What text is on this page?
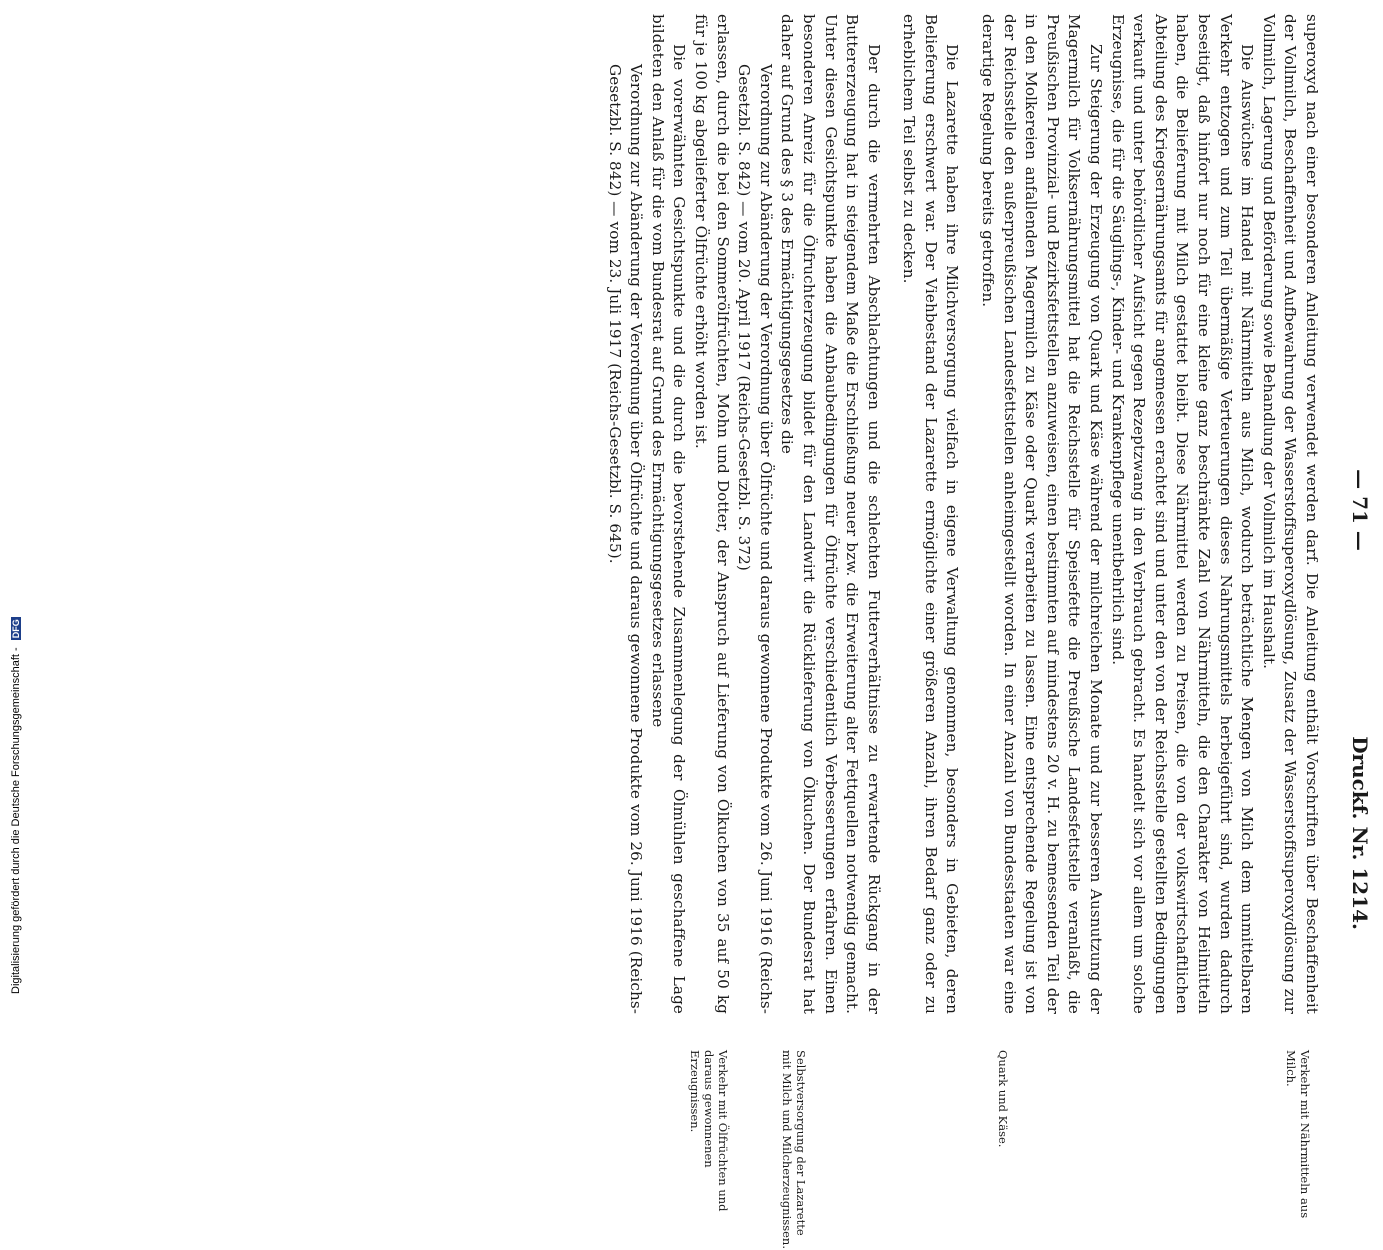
— 71 —
Druckf. Nr. 1214.

superoxyd nach einer besonderen Anleitung verwendet werden darf. Die Anleitung enthält Vorschriften über Beschaffenheit der Vollmilch, Beschaffenheit und Aufbewahrung der Wasserstoffsuperoxydlösung, Zusatz der Wasserstoffsuperoxydlösung zur Vollmilch, Lagerung und Beförderung sowie Behandlung der Vollmilch im Haushalt.

Die Auswüchse im Handel mit Nährmitteln aus Milch, wodurch beträchtliche Mengen von Milch dem unmittelbaren Verkehr entzogen und zum Teil übermäßige Verteuerungen dieses Nahrungsmittels herbeigeführt sind, wurden dadurch beseitigt, daß hinfort nur noch für eine kleine ganz beschränkte Zahl von Nährmitteln, die den Charakter von Heilmitteln haben, die Belieferung mit Milch gestattet bleibt. Diese Nährmittel werden zu Preisen, die von der volkswirtschaftlichen Abteilung des Kriegsernährungsamts für angemessen erachtet sind und unter den von der Reichsstelle gestellten Bedingungen verkauft und unter behördlicher Aufsicht gegen Rezeptzwang in den Verbrauch gebracht. Es handelt sich vor allem um solche Erzeugnisse, die für die Säuglings-, Kinder- und Krankenpflege unentbehrlich sind.

Zur Steigerung der Erzeugung von Quark und Käse während der milchreichen Monate und zur besseren Ausnutzung der Magermilch für Volksernährungsmittel hat die Reichsstelle für Speisefette die Preußische Landesfettstelle veranlaßt, die Preußischen Provinzial- und Bezirksfettstellen anzuweisen, einen bestimmten auf mindestens 20 v. H. zu bemessenden Teil der in den Molkereien anfallenden Magermilch zu Käse oder Quark verarbeiten zu lassen. Eine entsprechende Regelung ist von der Reichsstelle den außerpreußischen Landesfettstellen anheimgestellt worden. In einer Anzahl von Bundesstaaten war eine derartige Regelung bereits getroffen.

Die Lazarette haben ihre Milchversorgung vielfach in eigene Verwaltung genommen, besonders in Gebieten, deren Belieferung erschwert war. Der Viehbestand der Lazarette ermöglichte einer größeren Anzahl, ihren Bedarf ganz oder zu erheblichem Teil selbst zu decken.

Der durch die vermehrten Abschlachtungen und die schlechten Futterverhältnisse zu erwartende Rückgang in der Buttererzeugung hat in steigendem Maße die Erschließung neuer bzw. die Erweiterung alter Fettquellen notwendig gemacht. Unter diesen Gesichtspunkte haben die Anbaubedingungen für Ölfrüchte verschiedentlich Verbesserungen erfahren. Einen besonderen Anreiz für die Ölfruchterzeugung bildet für den Landwirt die Rücklieferung von Ölkuchen. Der Bundesrat hat daher auf Grund des § 3 des Ermächtigungsgesetzes die

Verordnung zur Abänderung der Verordnung über Ölfrüchte und daraus gewonnene Produkte vom 26. Juni 1916 (Reichs-Gesetzbl. S. 842) — vom 20. April 1917 (Reichs-Gesetzbl. S. 372)

erlassen, durch die bei den Sommerölfrüchten, Mohn und Dotter, der Anspruch auf Lieferung von Ölkuchen von 35 auf 50 kg für je 100 kg abgelieferter Ölfrüchte erhöht worden ist.

Die vorerwähnten Gesichtspunkte und die durch die bevorstehende Zusammenlegung der Ölmühlen geschaffene Lage bildeten den Anlaß für die vom Bundesrat auf Grund des Ermächtigungsgesetzes erlassene

Verordnung zur Abänderung der Verordnung über Ölfrüchte und daraus gewonnene Produkte vom 26. Juni 1916 (Reichs-Gesetzbl. S. 842) — vom 23. Juli 1917 (Reichs-Gesetzbl. S. 645).

Verkehr mit Nährmitteln aus Milch.
Quark und Käse.
Selbstversorgung der Lazarette mit Milch und Milcherzeugnissen.
Verkehr mit Ölfrüchten und daraus gewonnenen Erzeugnissen.
Digitalisierung gefördert durch die Deutsche Forschungsgemeinschaft - DFG
